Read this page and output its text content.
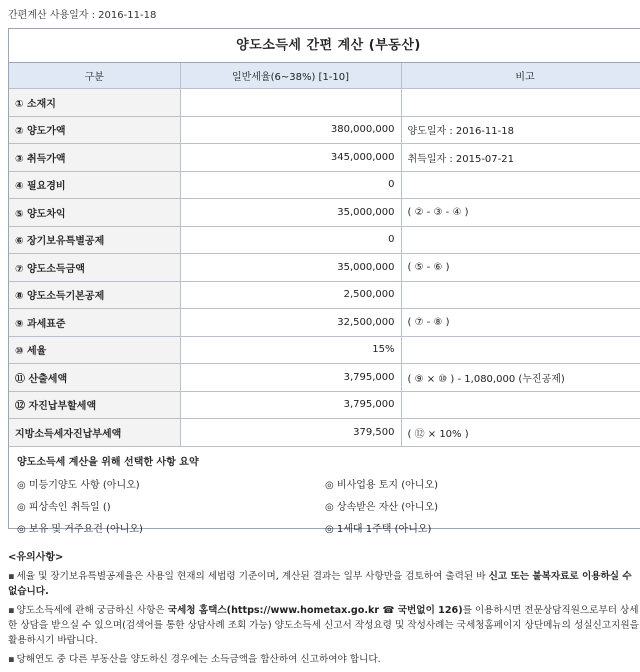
간편계산 사용일자 : 2016-11-18
양도소득세 간편 계산 (부동산)
구분	일반세율(6~38%) [1-10]	비고
① 소재지		
② 양도가액	380,000,000	양도일자 : 2016-11-18
③ 취득가액	345,000,000	취득일자 : 2015-07-21
④ 필요경비	0	
⑤ 양도차익	35,000,000	( ② - ③ - ④ )
⑥ 장기보유특별공제	0	
⑦ 양도소득금액	35,000,000	( ⑤ - ⑥ )
⑧ 양도소득기본공제	2,500,000	
⑨ 과세표준	32,500,000	( ⑦ - ⑧ )
⑩ 세율	15%	
⑪ 산출세액	3,795,000	( ⑨ × ⑩ ) - 1,080,000 (누진공제)
⑫ 자진납부할세액	3,795,000	
지방소득세자진납부세액	379,500	( ⑫ × 10% )
양도소득세 계산을 위해 선택한 사항 요약
◎ 미등기양도 사항 (아니오)	◎ 비사업용 토지 (아니오)
◎ 피상속인 취득일 ()	◎ 상속받은 자산 (아니오)
◎ 보유 및 거주요건 (아니오)	◎ 1세대 1주택 (아니오)
<유의사항>
▪ 세율 및 장기보유특별공제율은 사용일 현재의 세법령 기준이며, 계산된 결과는 일부 사항만을 검토하여 출력된 바 신고 또는 불복자료로 이용하실 수 없습니다.
▪ 양도소득세에 관해 궁금하신 사항은 국세청 홈택스(https://www.hometax.go.kr ☎ 국번없이 126)를 이용하시면 전문상담직원으로부터 상세한 상담을 받으실 수 있으며(검색어를 통한 상담사례 조회 가능) 양도소득세 신고서 작성요령 및 작성사례는 국세청홈페이지 상단메뉴의 성실신고지원을 활용하시기 바랍니다.
▪ 당해연도 중 다른 부동산을 양도하신 경우에는 소득금액을 합산하여 신고하여야 합니다.
